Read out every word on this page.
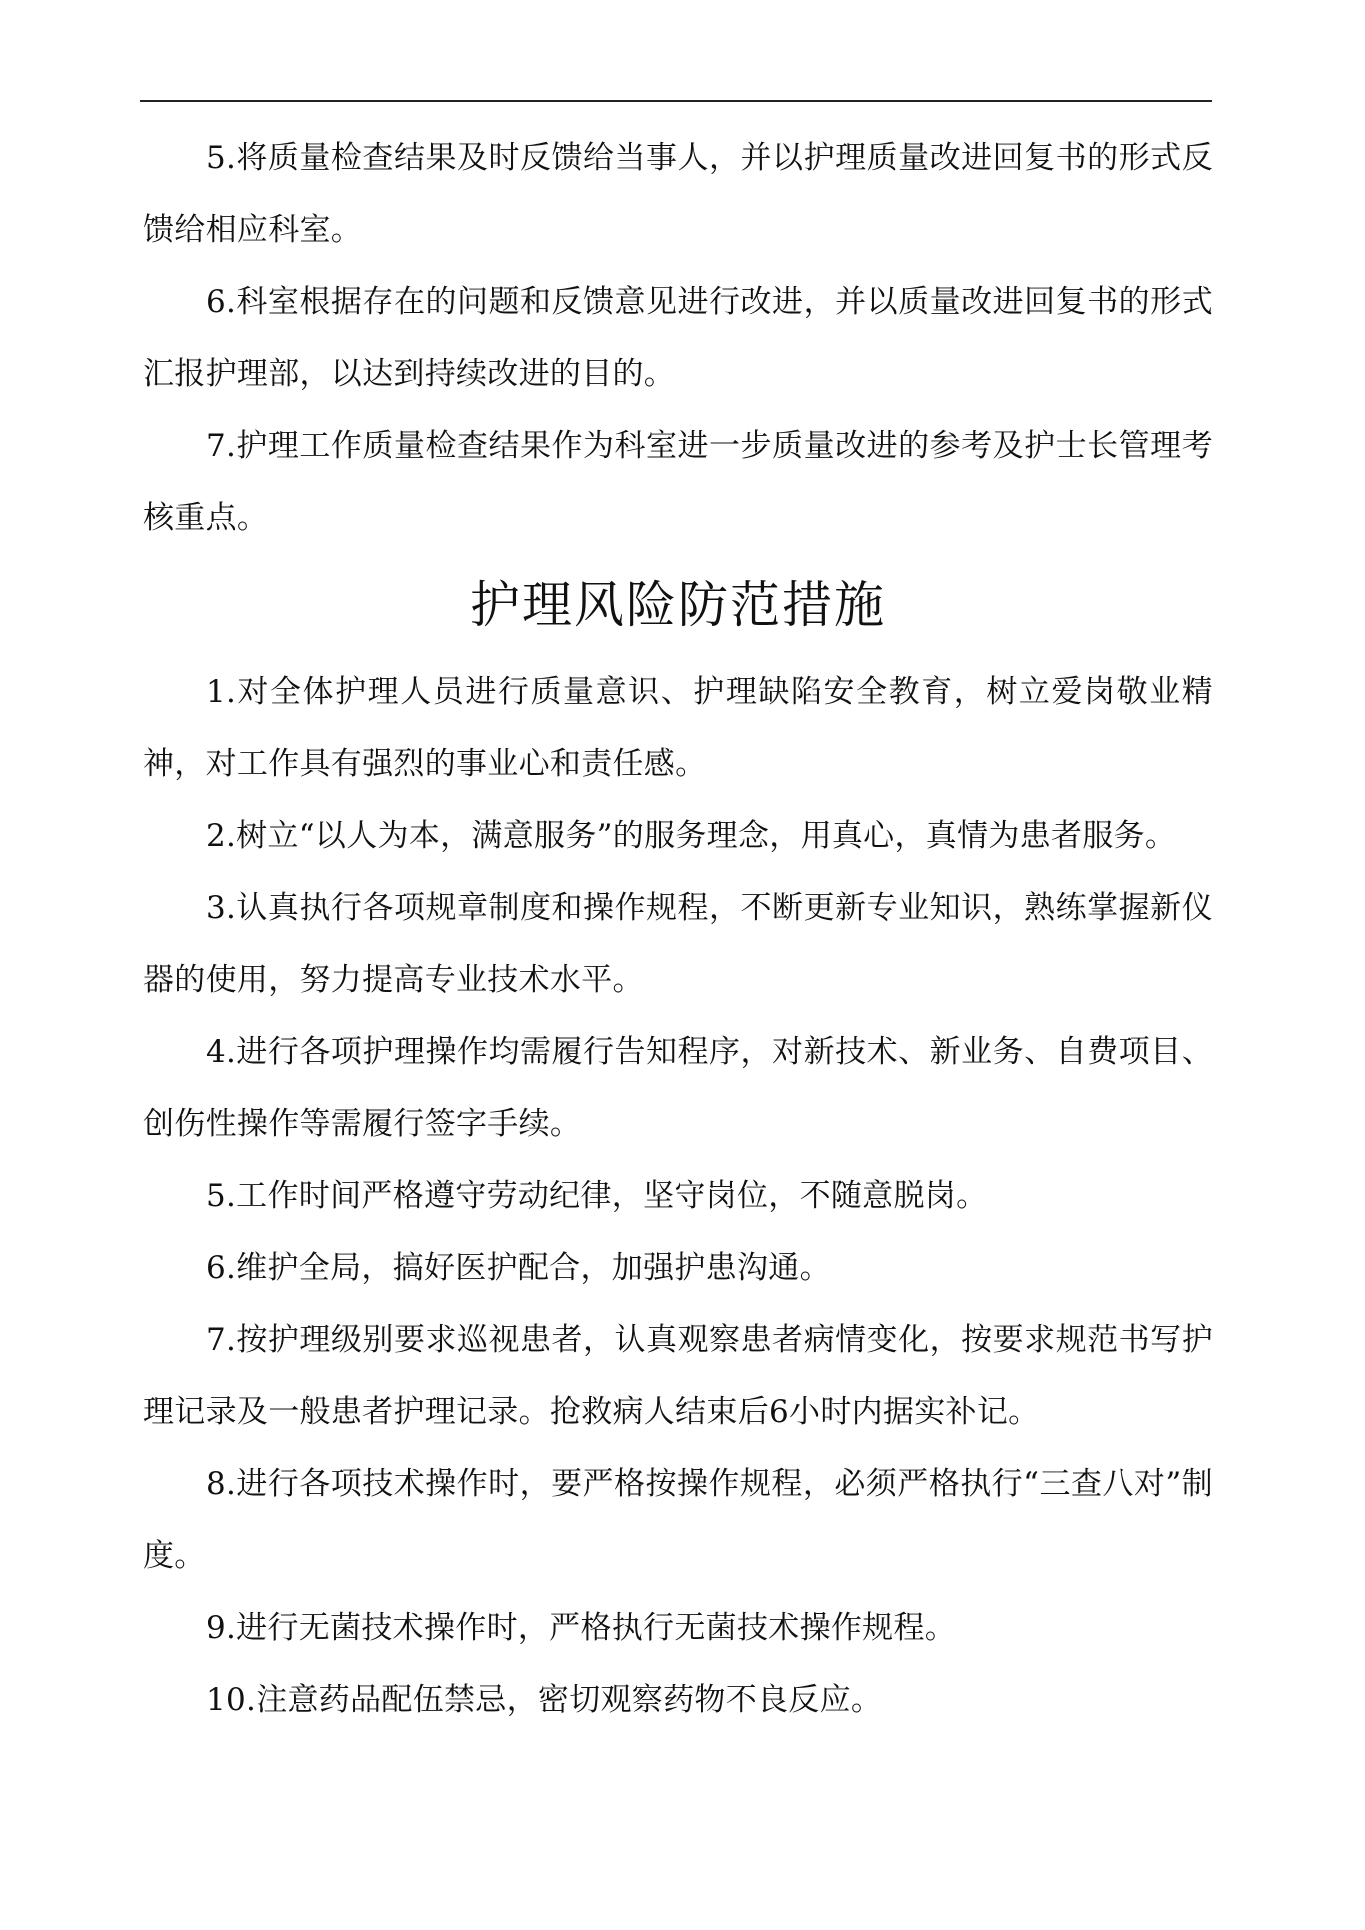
5.将质量检查结果及时反馈给当事人，并以护理质量改进回复书的形式反馈给相应科室。

6.科室根据存在的问题和反馈意见进行改进，并以质量改进回复书的形式汇报护理部，以达到持续改进的目的。

7.护理工作质量检查结果作为科室进一步质量改进的参考及护士长管理考核重点。

护理风险防范措施

1.对全体护理人员进行质量意识、护理缺陷安全教育，树立爱岗敬业精神，对工作具有强烈的事业心和责任感。

2.树立“以人为本，满意服务”的服务理念，用真心，真情为患者服务。

3.认真执行各项规章制度和操作规程，不断更新专业知识，熟练掌握新仪器的使用，努力提高专业技术水平。

4.进行各项护理操作均需履行告知程序，对新技术、新业务、自费项目、创伤性操作等需履行签字手续。

5.工作时间严格遵守劳动纪律，坚守岗位，不随意脱岗。

6.维护全局，搞好医护配合，加强护患沟通。

7.按护理级别要求巡视患者，认真观察患者病情变化，按要求规范书写护理记录及一般患者护理记录。抢救病人结束后6小时内据实补记。

8.进行各项技术操作时，要严格按操作规程，必须严格执行“三查八对”制度。

9.进行无菌技术操作时，严格执行无菌技术操作规程。

10.注意药品配伍禁忌，密切观察药物不良反应。
